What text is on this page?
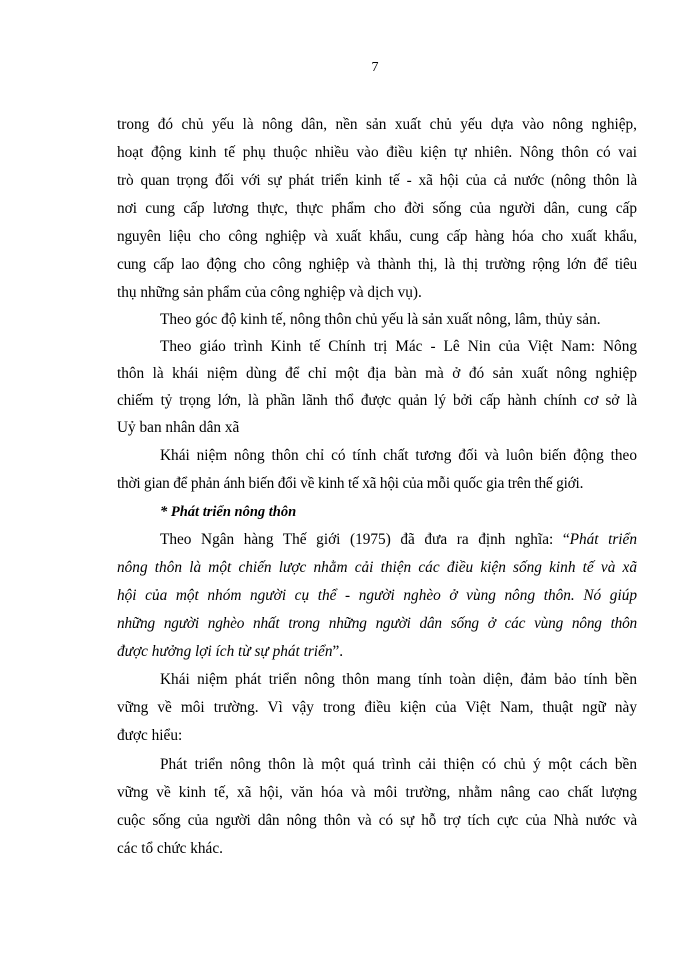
7
trong đó chủ yếu là nông dân, nền sản xuất chủ yếu dựa vào nông nghiệp,
hoạt động kinh tế phụ thuộc nhiều vào điều kiện tự nhiên. Nông thôn có vai
trò quan trọng đối với sự phát triển kinh tế - xã hội của cả nước (nông thôn là
nơi cung cấp lương thực, thực phẩm cho đời sống của người dân, cung cấp
nguyên liệu cho công nghiệp và xuất khẩu, cung cấp hàng hóa cho xuất khẩu,
cung cấp lao động cho công nghiệp và thành thị, là thị trường rộng lớn để tiêu
thụ những sản phẩm của công nghiệp và dịch vụ).
Theo góc độ kinh tế, nông thôn chủ yếu là sản xuất nông, lâm, thủy sản.
Theo giáo trình Kinh tế Chính trị Mác - Lê Nin của Việt Nam: Nông
thôn là khái niệm dùng để chỉ một địa bàn mà ở đó sản xuất nông nghiệp
chiếm tỷ trọng lớn, là phần lãnh thổ được quản lý bởi cấp hành chính cơ sở là
Uỷ ban nhân dân xã
Khái niệm nông thôn chỉ có tính chất tương đối và luôn biến động theo
thời gian để phản ánh biến đổi về kinh tế xã hội của mỗi quốc gia trên thế giới.
* Phát triển nông thôn
Theo Ngân hàng Thế giới (1975) đã đưa ra định nghĩa: “Phát triển
nông thôn là một chiến lược nhằm cải thiện các điều kiện sống kinh tế và xã
hội của một nhóm người cụ thể - người nghèo ở vùng nông thôn. Nó giúp
những người nghèo nhất trong những người dân sống ở các vùng nông thôn
được hưởng lợi ích từ sự phát triển”.
Khái niệm phát triển nông thôn mang tính toàn diện, đảm bảo tính bền
vững về môi trường. Vì vậy trong điều kiện của Việt Nam, thuật ngữ này
được hiểu:
Phát triển nông thôn là một quá trình cải thiện có chủ ý một cách bền
vững về kinh tế, xã hội, văn hóa và môi trường, nhằm nâng cao chất lượng
cuộc sống của người dân nông thôn và có sự hỗ trợ tích cực của Nhà nước và
các tổ chức khác.
